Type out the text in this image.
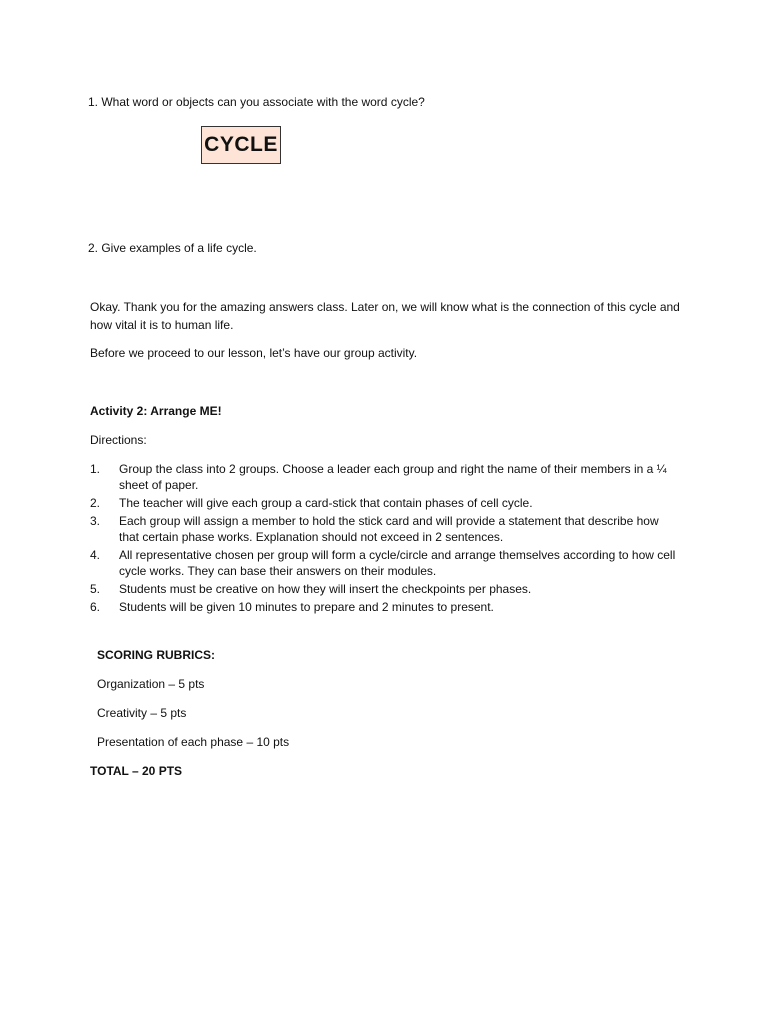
1. What word or objects can you associate with the word cycle?
CYCLE
2. Give examples of a life cycle.
Okay. Thank you for the amazing answers class. Later on, we will know what is the connection of this cycle and how vital it is to human life.
Before we proceed to our lesson, let’s have our group activity.
Activity 2: Arrange ME!
Directions:
1.	Group the class into 2 groups. Choose a leader each group and right the name of their members in a ¼ sheet of paper.
2.	The teacher will give each group a card-stick that contain phases of cell cycle.
3.	Each group will assign a member to hold the stick card and will provide a statement that describe how that certain phase works. Explanation should not exceed in 2 sentences.
4.	All representative chosen per group will form a cycle/circle and arrange themselves according to how cell cycle works. They can base their answers on their modules.
5.	Students must be creative on how they will insert the checkpoints per phases.
6.	Students will be given 10 minutes to prepare and 2 minutes to present.
SCORING RUBRICS:
Organization – 5 pts
Creativity – 5 pts
Presentation of each phase – 10 pts
TOTAL – 20 PTS
